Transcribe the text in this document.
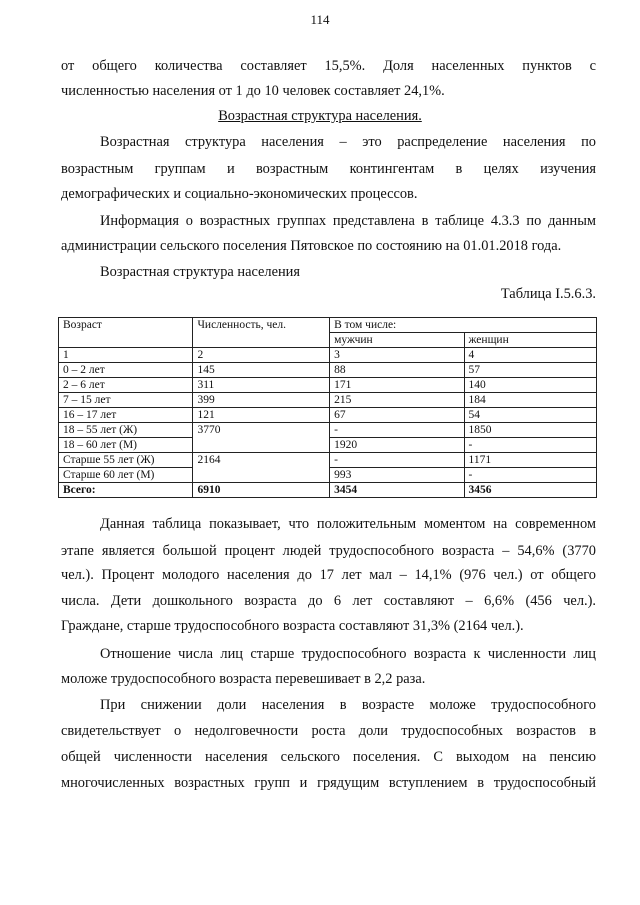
114
от общего количества составляет 15,5%. Доля населенных пунктов с
численностью населения от 1 до 10 человек составляет 24,1%.
Возрастная структура населения.
Возрастная структура населения – это распределение населения по
возрастным группам и возрастным контингентам в целях изучения
демографических и социально-экономических процессов.
Информация о возрастных группах представлена в таблице 4.3.3 по данным
администрации сельского поселения Пятовское по состоянию на 01.01.2018 года.
Возрастная структура населения
Таблица I.5.6.3.
Возраст	Численность, чел.	В том числе:	
		мужчин	женщин
1	2	3	4
0 – 2 лет	145	88	57
2 – 6 лет	311	171	140
7 – 15 лет	399	215	184
16 – 17 лет	121	67	54
18 – 55 лет (Ж)	3770	-	1850
18 – 60 лет (М)		1920	-
Старше 55 лет (Ж)	2164	-	1171
Старше 60 лет (М)		993	-
Всего:	6910	3454	3456
Данная таблица показывает, что положительным моментом на современном
этапе является большой процент людей трудоспособного возраста – 54,6% (3770
чел.). Процент молодого населения до 17 лет мал – 14,1% (976 чел.) от общего
числа. Дети дошкольного возраста до 6 лет составляют – 6,6% (456 чел.).
Граждане, старше трудоспособного возраста составляют 31,3% (2164 чел.).
Отношение числа лиц старше трудоспособного возраста к численности лиц
моложе трудоспособного возраста перевешивает в 2,2 раза.
При снижении доли населения в возрасте моложе трудоспособного
свидетельствует о недолговечности роста доли трудоспособных возрастов в
общей численности населения сельского поселения. С выходом на пенсию
многочисленных возрастных групп и грядущим вступлением в трудоспособный
